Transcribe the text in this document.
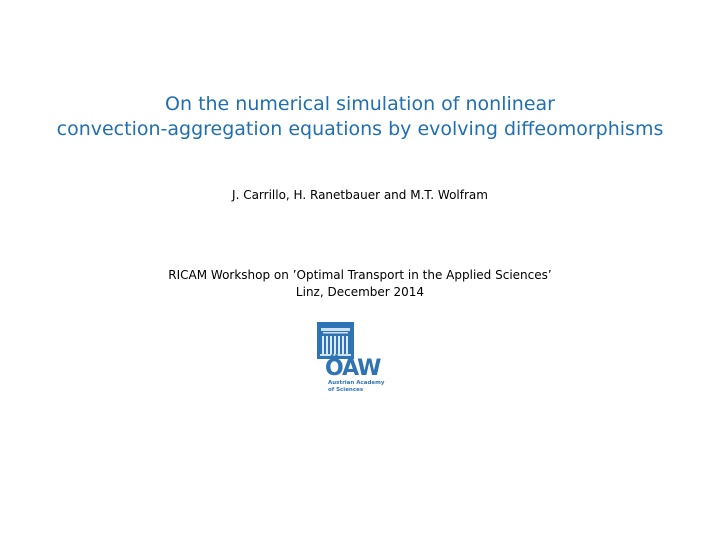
On the numerical simulation of nonlinear
convection-aggregation equations by evolving diffeomorphisms
J. Carrillo, H. Ranetbauer and M.T. Wolfram
RICAM Workshop on ’Optimal Transport in the Applied Sciences’
Linz, December 2014
ÖAW
Austrian Academy
of Sciences
